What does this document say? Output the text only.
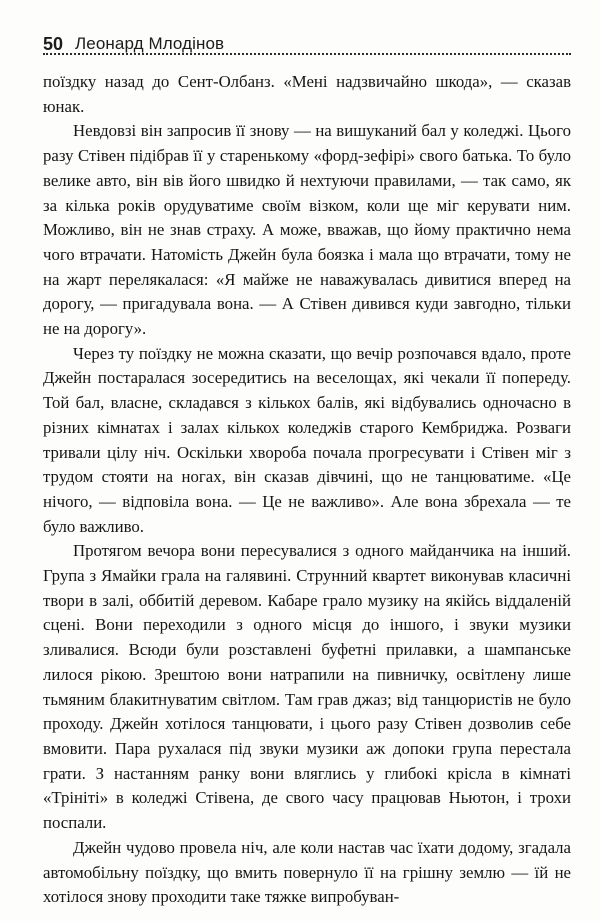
50 Леонард Млодінов

поїздку назад до Сент-Олбанз. «Мені надзвичайно шкода», — сказав юнак.

Невдовзі він запросив її знову — на вишуканий бал у коледжі. Цього разу Стівен підібрав її у старенькому «форд-зефірі» свого батька. То було велике авто, він вів його швидко й нехтуючи правилами, — так само, як за кілька років орудуватиме своїм візком, коли ще міг керувати ним. Можливо, він не знав страху. А може, вважав, що йому практично нема чого втрачати. Натомість Джейн була боязка і мала що втрачати, тому не на жарт перелякалася: «Я майже не наважувалась дивитися вперед на дорогу, — пригадувала вона. — А Стівен дивився куди завгодно, тільки не на дорогу».

Через ту поїздку не можна сказати, що вечір розпочався вдало, проте Джейн постаралася зосередитись на веселощах, які чекали її попереду. Той бал, власне, складався з кількох балів, які відбувались одночасно в різних кімнатах і залах кількох коледжів старого Кембриджа. Розваги тривали цілу ніч. Оскільки хвороба почала прогресувати і Стівен міг з трудом стояти на ногах, він сказав дівчині, що не танцюватиме. «Це нічого, — відповіла вона. — Це не важливо». Але вона збрехала — те було важливо.

Протягом вечора вони пересувалися з одного майданчика на інший. Група з Ямайки грала на галявині. Струнний квартет виконував класичні твори в залі, оббитій деревом. Кабаре грало музику на якійсь віддаленій сцені. Вони переходили з одного місця до іншого, і звуки музики зливалися. Всюди були розставлені буфетні прилавки, а шампанське лилося рікою. Зрештою вони натрапили на пивничку, освітлену лише тьмяним блакитнуватим світлом. Там грав джаз; від танцюристів не було проходу. Джейн хотілося танцювати, і цього разу Стівен дозволив себе вмовити. Пара рухалася під звуки музики аж допоки група перестала грати. З настанням ранку вони вляглись у глибокі крісла в кімнаті «Трініті» в коледжі Стівена, де свого часу працював Ньютон, і трохи поспали.

Джейн чудово провела ніч, але коли настав час їхати додому, згадала автомобільну поїздку, що вмить повернуло її на грішну землю — їй не хотілося знову проходити таке тяжке випробуван-
